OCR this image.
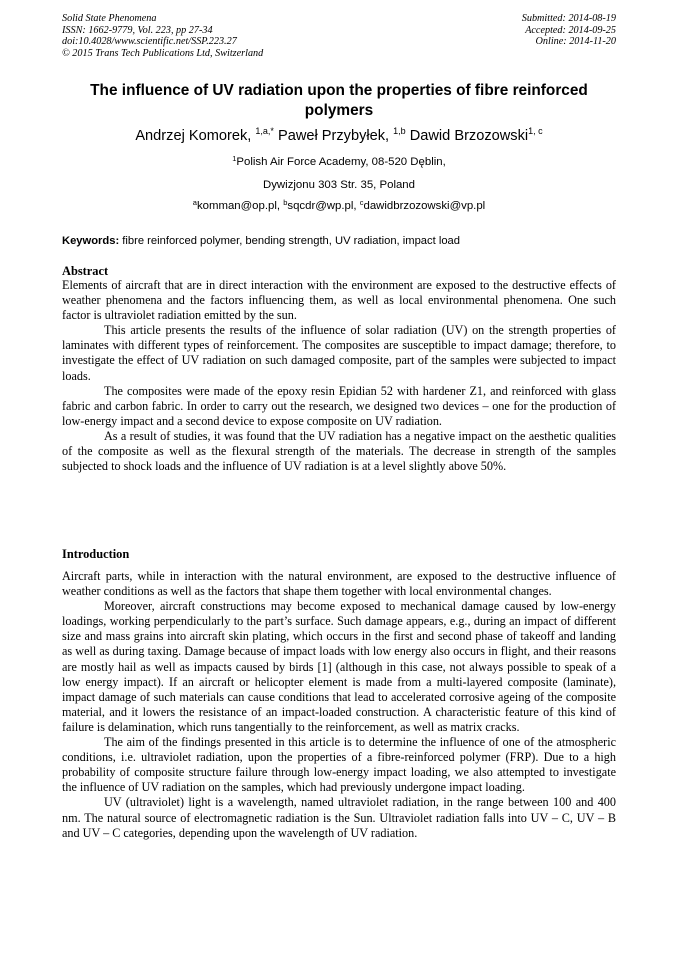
Solid State Phenomena
ISSN: 1662-9779, Vol. 223, pp 27-34
doi:10.4028/www.scientific.net/SSP.223.27
© 2015 Trans Tech Publications Ltd, Switzerland
Submitted: 2014-08-19
Accepted: 2014-09-25
Online: 2014-11-20
The influence of UV radiation upon the properties of fibre reinforced polymers
Andrzej Komorek, $^{1,a,*}$ Paweł Przybyłek, $^{1,b}$ Dawid Brzozowski$^{1, c}$
$^1$Polish Air Force Academy, 08-520 Dęblin,
Dywizjonu 303 Str. 35, Poland
$^a$komman@op.pl, $^b$sqcdr@wp.pl, $^c$dawidbrzozowski@vp.pl
Keywords: fibre reinforced polymer, bending strength, UV radiation, impact load
Abstract

Elements of aircraft that are in direct interaction with the environment are exposed to the destructive effects of weather phenomena and the factors influencing them, as well as local environmental phenomena. One such factor is ultraviolet radiation emitted by the sun.

This article presents the results of the influence of solar radiation (UV) on the strength properties of laminates with different types of reinforcement. The composites are susceptible to impact damage; therefore, to investigate the effect of UV radiation on such damaged composite, part of the samples were subjected to impact loads.

The composites were made of the epoxy resin Epidian 52 with hardener Z1, and reinforced with glass fabric and carbon fabric. In order to carry out the research, we designed two devices – one for the production of low-energy impact and a second device to expose composite on UV radiation.

As a result of studies, it was found that the UV radiation has a negative impact on the aesthetic qualities of the composite as well as the flexural strength of the materials. The decrease in strength of the samples subjected to shock loads and the influence of UV radiation is at a level slightly above 50%.

Introduction

Aircraft parts, while in interaction with the natural environment, are exposed to the destructive influence of weather conditions as well as the factors that shape them together with local environmental changes.

Moreover, aircraft constructions may become exposed to mechanical damage caused by low-energy loadings, working perpendicularly to the part’s surface. Such damage appears, e.g., during an impact of different size and mass grains into aircraft skin plating, which occurs in the first and second phase of takeoff and landing as well as during taxing. Damage because of impact loads with low energy also occurs in flight, and their reasons are mostly hail as well as impacts caused by birds [1] (although in this case, not always possible to speak of a low energy impact). If an aircraft or helicopter element is made from a multi-layered composite (laminate), impact damage of such materials can cause conditions that lead to accelerated corrosive ageing of the composite material, and it lowers the resistance of an impact-loaded construction. A characteristic feature of this kind of failure is delamination, which runs tangentially to the reinforcement, as well as matrix cracks.

The aim of the findings presented in this article is to determine the influence of one of the atmospheric conditions, i.e. ultraviolet radiation, upon the properties of a fibre-reinforced polymer (FRP). Due to a high probability of composite structure failure through low-energy impact loading, we also attempted to investigate the influence of UV radiation on the samples, which had previously undergone impact loading.

UV (ultraviolet) light is a wavelength, named ultraviolet radiation, in the range between 100 and 400 nm. The natural source of electromagnetic radiation is the Sun. Ultraviolet radiation falls into UV – C, UV – B and UV – C categories, depending upon the wavelength of UV radiation.
